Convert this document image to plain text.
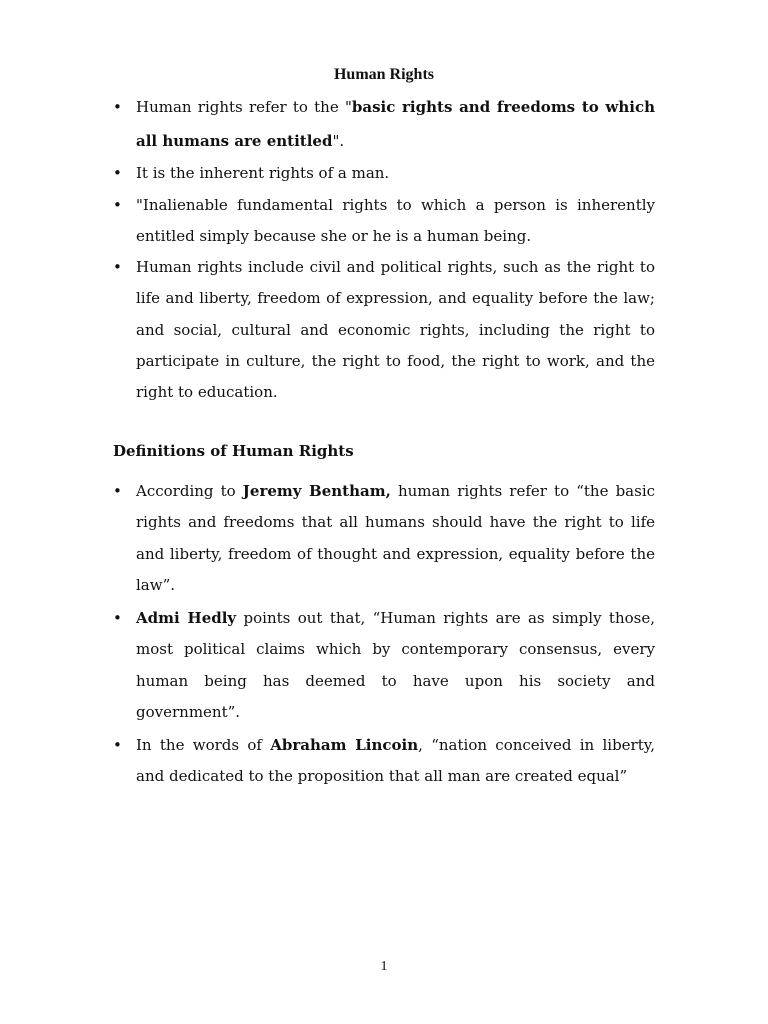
Human Rights
• Human rights refer to the "basic rights and freedoms to which all humans are entitled".
• It is the inherent rights of a man.
• "Inalienable fundamental rights to which a person is inherently entitled simply because she or he is a human being.
• Human rights include civil and political rights, such as the right to life and liberty, freedom of expression, and equality before the law; and social, cultural and economic rights, including the right to participate in culture, the right to food, the right to work, and the right to education.
Definitions of Human Rights
• According to Jeremy Bentham, human rights refer to “the basic rights and freedoms that all humans should have the right to life and liberty, freedom of thought and expression, equality before the law”.
• Admi Hedly points out that, “Human rights are as simply those, most political claims which by contemporary consensus, every human being has deemed to have upon his society and government”.
• In the words of Abraham Lincoin, “nation conceived in liberty, and dedicated to the proposition that all man are created equal”
1
